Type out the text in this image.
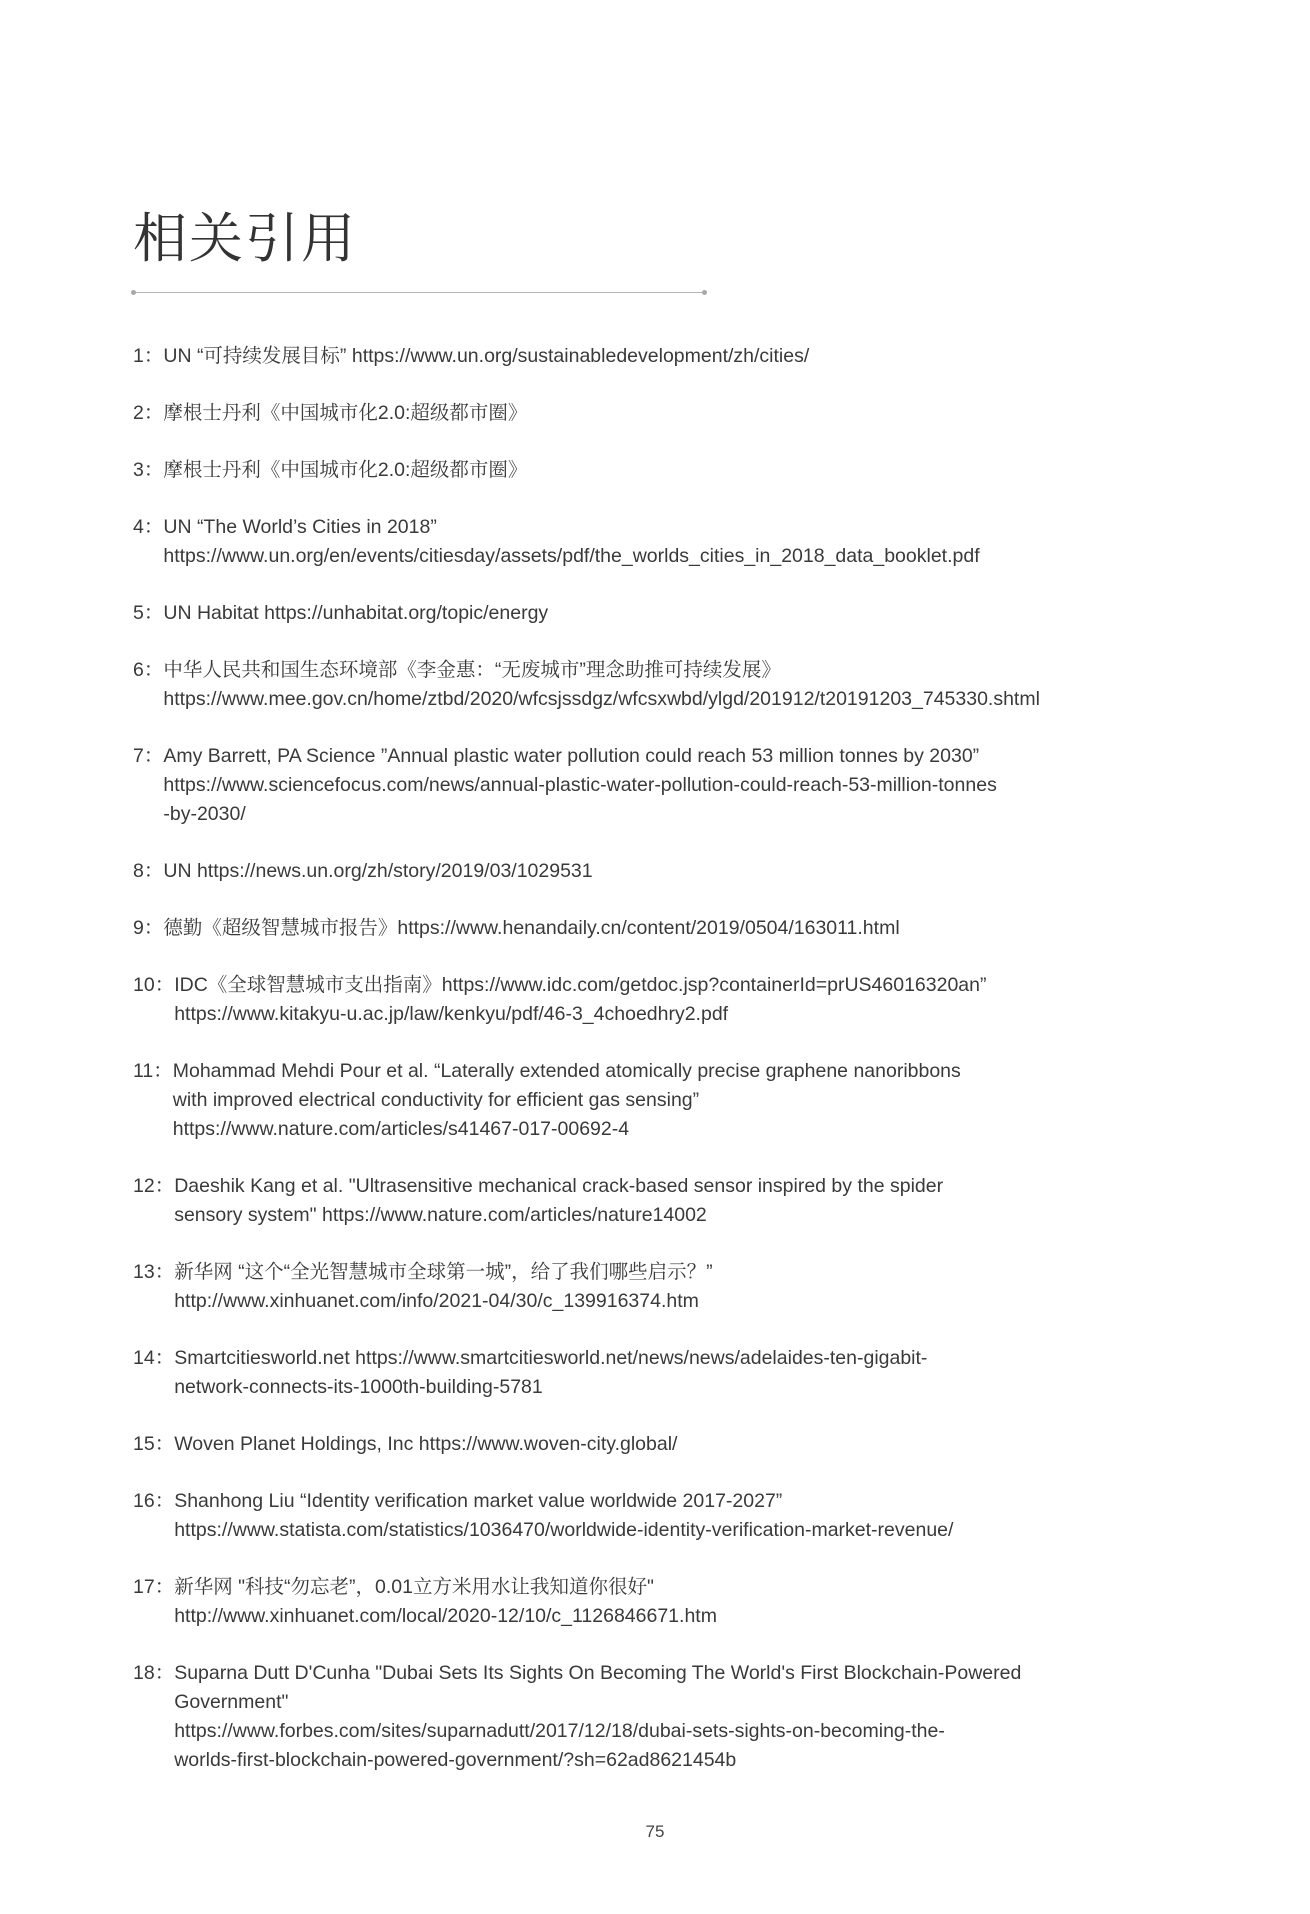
相关引用
1： UN “可持续发展目标” https://www.un.org/sustainabledevelopment/zh/cities/
2： 摩根士丹利《中国城市化2.0:超级都市圈》
3： 摩根士丹利《中国城市化2.0:超级都市圈》
4： UN “The World’s Cities in 2018”
https://www.un.org/en/events/citiesday/assets/pdf/the_worlds_cities_in_2018_data_booklet.pdf
5： UN Habitat https://unhabitat.org/topic/energy
6： 中华人民共和国生态环境部《李金惠：“无废城市”理念助推可持续发展》
https://www.mee.gov.cn/home/ztbd/2020/wfcsjssdgz/wfcsxwbd/ylgd/201912/t20191203_745330.shtml
7： Amy Barrett, PA Science ”Annual plastic water pollution could reach 53 million tonnes by 2030”
https://www.sciencefocus.com/news/annual-plastic-water-pollution-could-reach-53-million-tonnes
-by-2030/
8： UN https://news.un.org/zh/story/2019/03/1029531
9： 德勤《超级智慧城市报告》https://www.henandaily.cn/content/2019/0504/163011.html
10： IDC《全球智慧城市支出指南》https://www.idc.com/getdoc.jsp?containerId=prUS46016320an”
https://www.kitakyu-u.ac.jp/law/kenkyu/pdf/46-3_4choedhry2.pdf
11： Mohammad Mehdi Pour et al. “Laterally extended atomically precise graphene nanoribbons
with improved electrical conductivity for efficient gas sensing”
https://www.nature.com/articles/s41467-017-00692-4
12： Daeshik Kang et al. "Ultrasensitive mechanical crack-based sensor inspired by the spider
sensory system" https://www.nature.com/articles/nature14002
13： 新华网 “这个“全光智慧城市全球第一城”，给了我们哪些启示？”
http://www.xinhuanet.com/info/2021-04/30/c_139916374.htm
14： Smartcitiesworld.net https://www.smartcitiesworld.net/news/news/adelaides-ten-gigabit-
network-connects-its-1000th-building-5781
15： Woven Planet Holdings, Inc https://www.woven-city.global/
16： Shanhong Liu “Identity verification market value worldwide 2017-2027”
https://www.statista.com/statistics/1036470/worldwide-identity-verification-market-revenue/
17： 新华网 "科技“勿忘老”，0.01立方米用水让我知道你很好"
http://www.xinhuanet.com/local/2020-12/10/c_1126846671.htm
18： Suparna Dutt D'Cunha "Dubai Sets Its Sights On Becoming The World's First Blockchain-Powered
Government"
https://www.forbes.com/sites/suparnadutt/2017/12/18/dubai-sets-sights-on-becoming-the-
worlds-first-blockchain-powered-government/?sh=62ad8621454b
75
